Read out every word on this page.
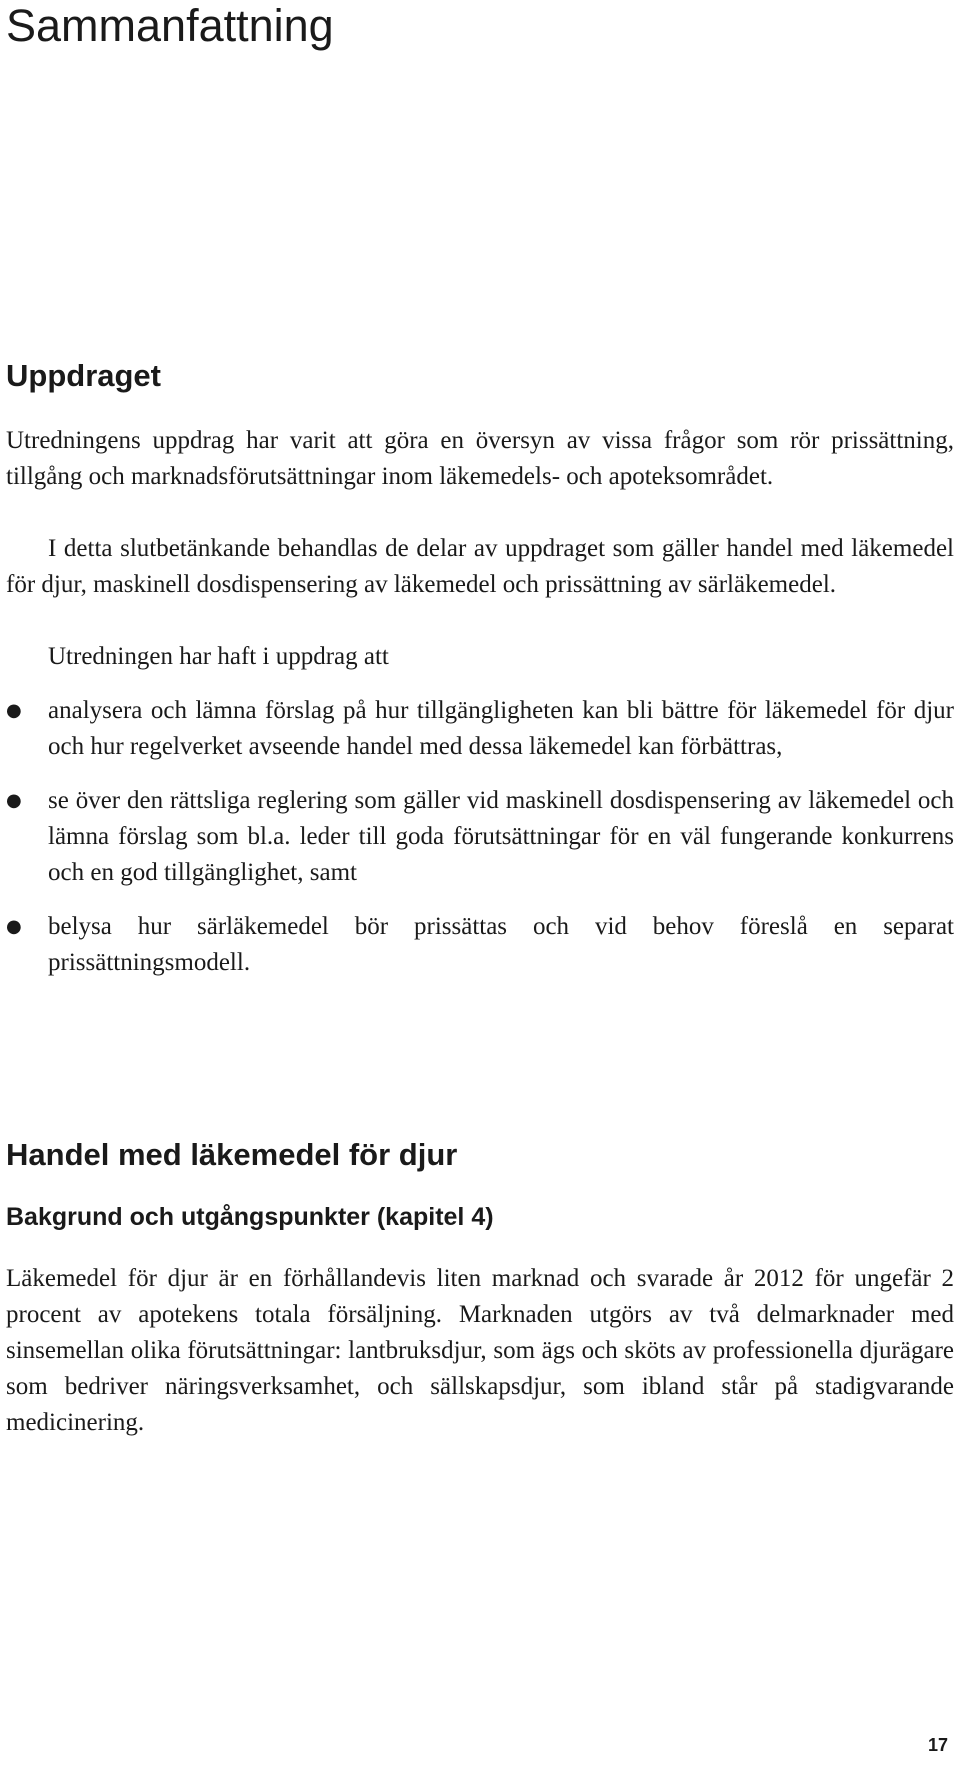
Sammanfattning
Uppdraget

Utredningens uppdrag har varit att göra en översyn av vissa frågor som rör prissättning, tillgång och marknadsförutsättningar inom läkemedels- och apoteksområdet.

I detta slutbetänkande behandlas de delar av uppdraget som gäller handel med läkemedel för djur, maskinell dosdispensering av läkemedel och prissättning av särläkemedel.

Utredningen har haft i uppdrag att

● analysera och lämna förslag på hur tillgängligheten kan bli bättre för läkemedel för djur och hur regelverket avseende handel med dessa läkemedel kan förbättras,
● se över den rättsliga reglering som gäller vid maskinell dosdispensering av läkemedel och lämna förslag som bl.a. leder till goda förutsättningar för en väl fungerande konkurrens och en god tillgänglighet, samt
● belysa hur särläkemedel bör prissättas och vid behov föreslå en separat prissättningsmodell.
Handel med läkemedel för djur
Bakgrund och utgångspunkter (kapitel 4)

Läkemedel för djur är en förhållandevis liten marknad och svarade år 2012 för ungefär 2 procent av apotekens totala försäljning. Marknaden utgörs av två delmarknader med sinsemellan olika förutsättningar: lantbruksdjur, som ägs och sköts av professionella djurägare som bedriver näringsverksamhet, och sällskapsdjur, som ibland står på stadigvarande medicinering.

17
